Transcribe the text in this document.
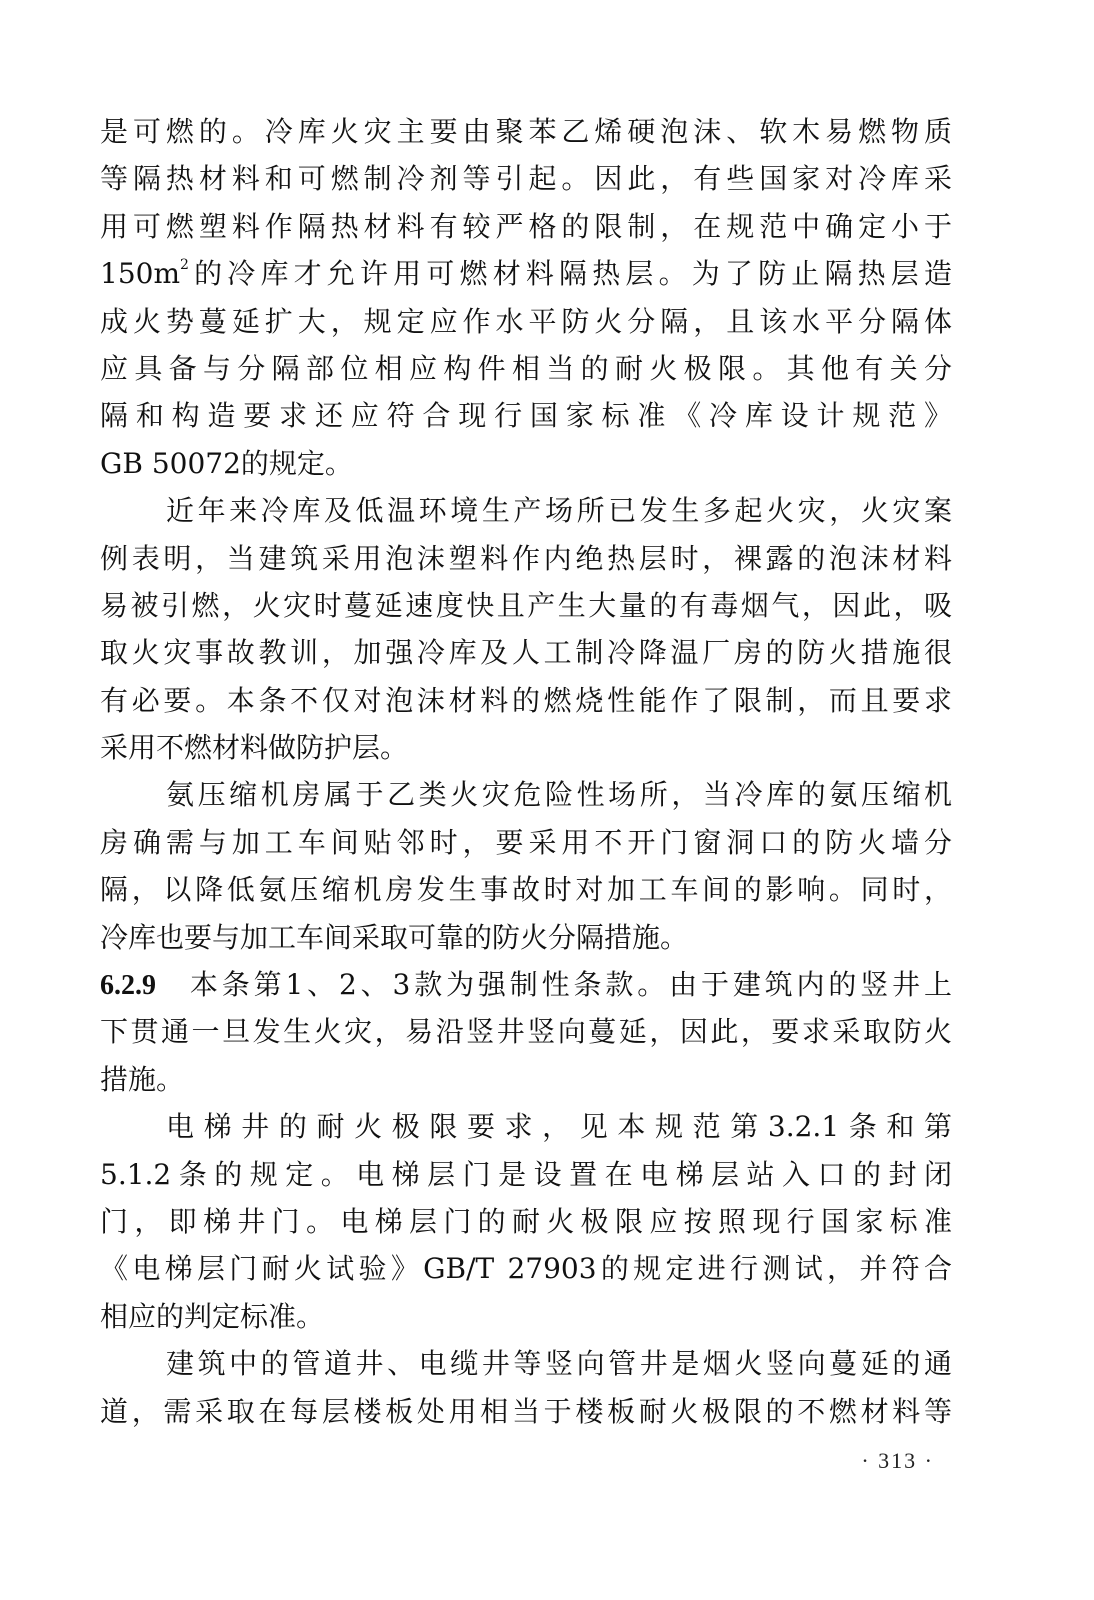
是可燃的。冷库火灾主要由聚苯乙烯硬泡沫、软木易燃物质
等隔热材料和可燃制冷剂等引起。因此，有些国家对冷库采
用可燃塑料作隔热材料有较严格的限制，在规范中确定小于
$150m^2$的冷库才允许用可燃材料隔热层。为了防止隔热层造
成火势蔓延扩大，规定应作水平防火分隔，且该水平分隔体
应具备与分隔部位相应构件相当的耐火极限。其他有关分
隔和构造要求还应符合现行国家标准《冷库设计规范》
GB 50072的规定。
近年来冷库及低温环境生产场所已发生多起火灾，火灾案
例表明，当建筑采用泡沫塑料作内绝热层时，裸露的泡沫材料
易被引燃，火灾时蔓延速度快且产生大量的有毒烟气，因此，吸
取火灾事故教训，加强冷库及人工制冷降温厂房的防火措施很
有必要。本条不仅对泡沫材料的燃烧性能作了限制，而且要求
采用不燃材料做防护层。
氨压缩机房属于乙类火灾危险性场所，当冷库的氨压缩机
房确需与加工车间贴邻时，要采用不开门窗洞口的防火墙分
隔，以降低氨压缩机房发生事故时对加工车间的影响。同时，
冷库也要与加工车间采取可靠的防火分隔措施。
6.2.9 本条第1、2、3款为强制性条款。由于建筑内的竖井上
下贯通一旦发生火灾，易沿竖井竖向蔓延，因此，要求采取防火
措施。
电梯井的耐火极限要求，见本规范第3.2.1条和第
5.1.2条的规定。电梯层门是设置在电梯层站入口的封闭
门，即梯井门。电梯层门的耐火极限应按照现行国家标准
《电梯层门耐火试验》GB/T 27903的规定进行测试，并符合
相应的判定标准。
建筑中的管道井、电缆井等竖向管井是烟火竖向蔓延的通
道，需采取在每层楼板处用相当于楼板耐火极限的不燃材料等
· 313 ·
